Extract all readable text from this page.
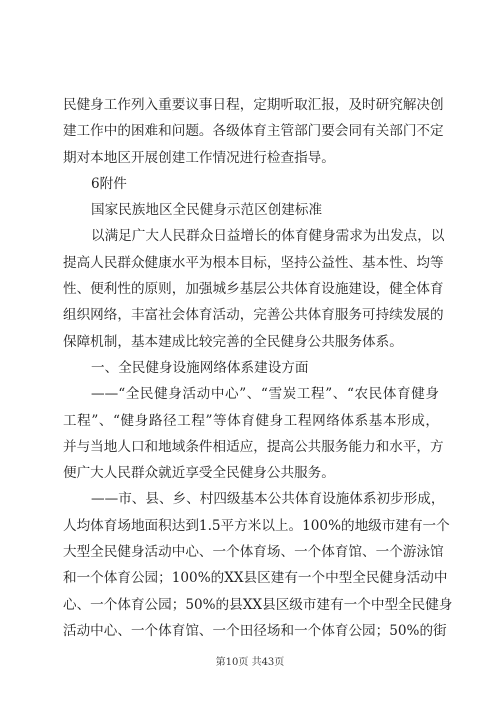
民健身工作列入重要议事日程，定期听取汇报，及时研究解决创
建工作中的困难和问题。各级体育主管部门要会同有关部门不定
期对本地区开展创建工作情况进行检查指导。
6附件
国家民族地区全民健身示范区创建标准
以满足广大人民群众日益增长的体育健身需求为出发点，以
提高人民群众健康水平为根本目标，坚持公益性、基本性、均等
性、便利性的原则，加强城乡基层公共体育设施建设，健全体育
组织网络，丰富社会体育活动，完善公共体育服务可持续发展的
保障机制，基本建成比较完善的全民健身公共服务体系。
一、全民健身设施网络体系建设方面
——“全民健身活动中心”、“雪炭工程”、“农民体育健身
工程”、“健身路径工程”等体育健身工程网络体系基本形成，
并与当地人口和地域条件相适应，提高公共服务能力和水平，方
便广大人民群众就近享受全民健身公共服务。
——市、县、乡、村四级基本公共体育设施体系初步形成，
人均体育场地面积达到1.5平方米以上。100%的地级市建有一个
大型全民健身活动中心、一个体育场、一个体育馆、一个游泳馆
和一个体育公园；100%的XX县区建有一个中型全民健身活动中
心、一个体育公园；50%的县XX县区级市建有一个中型全民健身
活动中心、一个体育馆、一个田径场和一个体育公园；50%的街
第10页 共43页
